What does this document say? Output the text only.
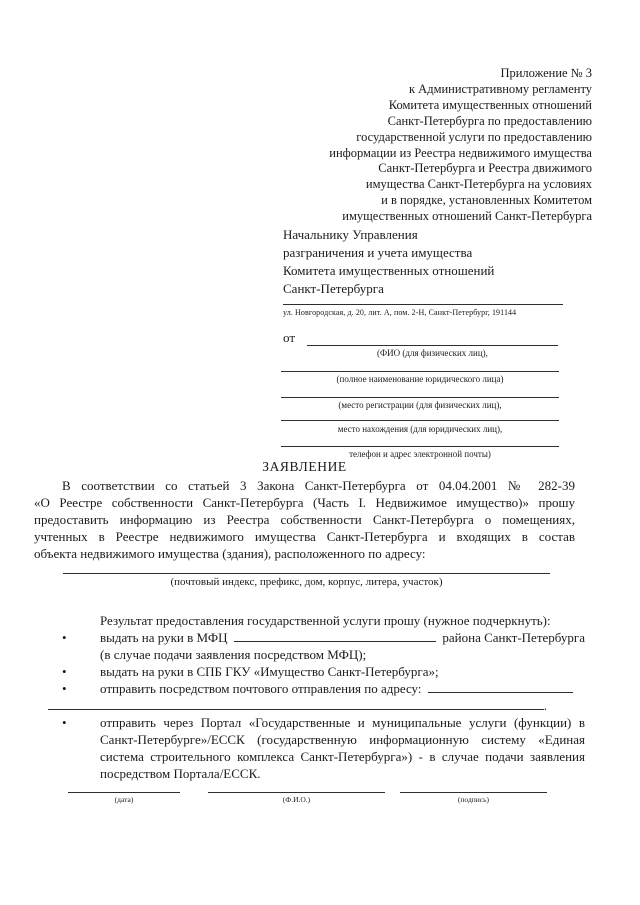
Приложение № 3
к Административному регламенту
Комитета имущественных отношений
Санкт-Петербурга по предоставлению
государственной услуги по предоставлению
информации из Реестра недвижимого имущества
Санкт-Петербурга и Реестра движимого
имущества Санкт-Петербурга на условиях
и в порядке, установленных Комитетом
имущественных отношений Санкт-Петербурга
Начальнику Управления
разграничения и учета имущества
Комитета имущественных отношений
Санкт-Петербурга
ул. Новгородская, д. 20, лит. А, пом. 2-Н, Санкт-Петербург, 191144
от
(ФИО (для физических лиц),
(полное наименование юридического лица)
(место регистрации (для физических лиц),
место нахождения (для юридических лиц),
телефон и адрес электронной почты)
ЗАЯВЛЕНИЕ
В соответствии со статьей 3 Закона Санкт-Петербурга от 04.04.2001 № 282-39
«О Реестре собственности Санкт-Петербурга (Часть I. Недвижимое имущество)» прошу
предоставить информацию из Реестра собственности Санкт-Петербурга о помещениях,
учтенных в Реестре недвижимого имущества Санкт-Петербурга и входящих в состав
объекта недвижимого имущества (здания), расположенного по адресу:
(почтовый индекс, префикс, дом, корпус, литера, участок)
Результат предоставления государственной услуги прошу (нужное подчеркнуть):
•	выдать на руки в МФЦ	района Санкт-Петербурга
(в случае подачи заявления посредством МФЦ);
•	выдать на руки в СПБ ГКУ «Имущество Санкт-Петербурга»;
•	отправить посредством почтового отправления по адресу:
.
•	отправить через Портал «Государственные и муниципальные услуги (функции) в
Санкт-Петербурге»/ЕССК (государственную информационную систему «Единая
система строительного комплекса Санкт-Петербурга») - в случае подачи заявления
посредством Портала/ЕССК.
(дата)	(Ф.И.О.)	(подпись)
